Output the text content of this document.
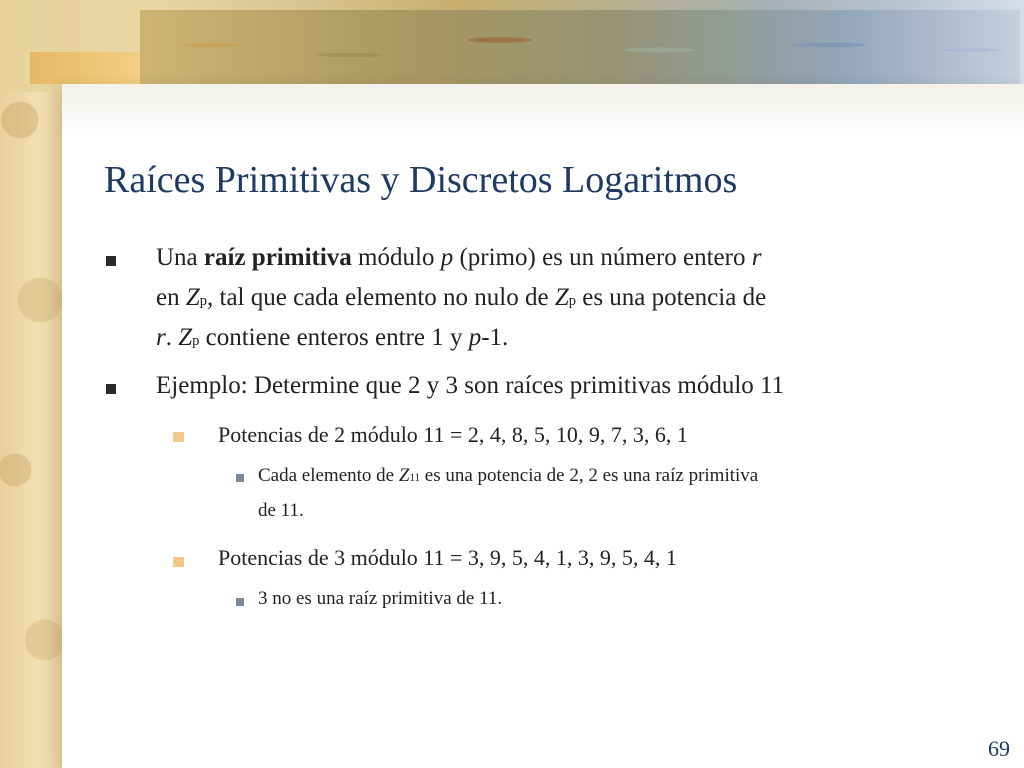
Raíces Primitivas y Discretos Logaritmos
Una raíz primitiva módulo p (primo) es un número entero r
en Zp, tal que cada elemento no nulo de Zp es una potencia de
r. Zp contiene enteros entre 1 y p-1.
Ejemplo: Determine que 2 y 3 son raíces primitivas módulo 11
Potencias de 2 módulo 11 = 2, 4, 8, 5, 10, 9, 7, 3, 6, 1
Cada elemento de Z11 es una potencia de 2, 2 es una raíz primitiva
de 11.
Potencias de 3 módulo 11 = 3, 9, 5, 4, 1, 3, 9, 5, 4, 1
3 no es una raíz primitiva de 11.
69
